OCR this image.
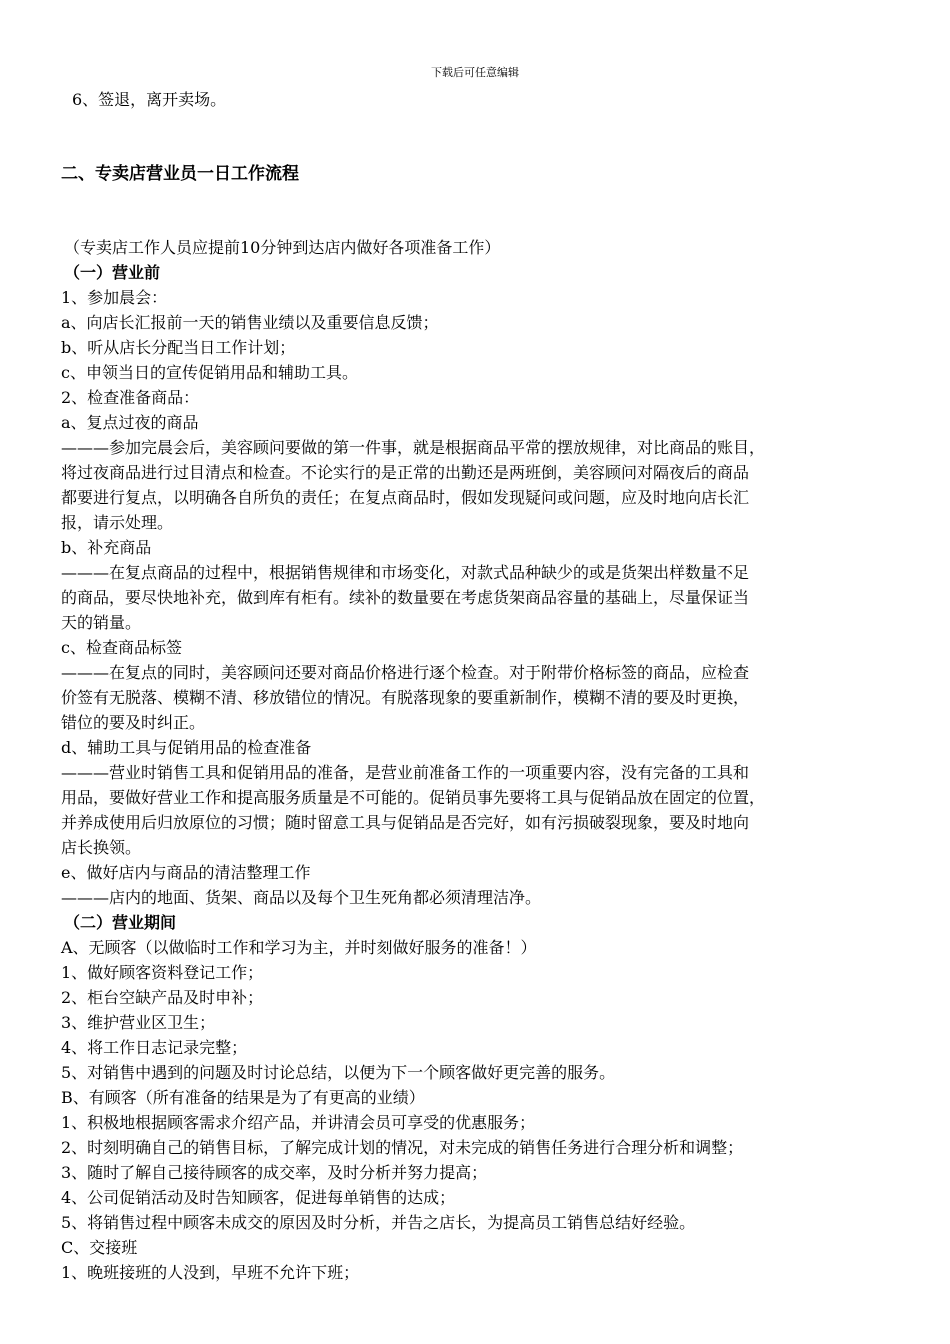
下载后可任意编辑
6、签退，离开卖场。
二、专卖店营业员一日工作流程
（专卖店工作人员应提前10分钟到达店内做好各项准备工作）
（一）营业前
1、参加晨会：
a、向店长汇报前一天的销售业绩以及重要信息反馈；
b、听从店长分配当日工作计划；
c、申领当日的宣传促销用品和辅助工具。
2、检查准备商品：
a、复点过夜的商品
———参加完晨会后，美容顾问要做的第一件事，就是根据商品平常的摆放规律，对比商品的账目，
将过夜商品进行过目清点和检查。不论实行的是正常的出勤还是两班倒，美容顾问对隔夜后的商品
都要进行复点，以明确各自所负的责任；在复点商品时，假如发现疑问或问题，应及时地向店长汇
报，请示处理。
b、补充商品
———在复点商品的过程中，根据销售规律和市场变化，对款式品种缺少的或是货架出样数量不足
的商品，要尽快地补充，做到库有柜有。续补的数量要在考虑货架商品容量的基础上，尽量保证当
天的销量。
c、检查商品标签
———在复点的同时，美容顾问还要对商品价格进行逐个检查。对于附带价格标签的商品，应检查
价签有无脱落、模糊不清、移放错位的情况。有脱落现象的要重新制作，模糊不清的要及时更换，
错位的要及时纠正。
d、辅助工具与促销用品的检查准备
———营业时销售工具和促销用品的准备，是营业前准备工作的一项重要内容，没有完备的工具和
用品，要做好营业工作和提高服务质量是不可能的。促销员事先要将工具与促销品放在固定的位置，
并养成使用后归放原位的习惯；随时留意工具与促销品是否完好，如有污损破裂现象，要及时地向
店长换领。
e、做好店内与商品的清洁整理工作
———店内的地面、货架、商品以及每个卫生死角都必须清理洁净。
（二）营业期间
A、无顾客（以做临时工作和学习为主，并时刻做好服务的准备！）
1、做好顾客资料登记工作；
2、柜台空缺产品及时申补；
3、维护营业区卫生；
4、将工作日志记录完整；
5、对销售中遇到的问题及时讨论总结，以便为下一个顾客做好更完善的服务。
B、有顾客（所有准备的结果是为了有更高的业绩）
1、积极地根据顾客需求介绍产品，并讲清会员可享受的优惠服务；
2、时刻明确自己的销售目标，了解完成计划的情况，对未完成的销售任务进行合理分析和调整；
3、随时了解自己接待顾客的成交率，及时分析并努力提高；
4、公司促销活动及时告知顾客，促进每单销售的达成；
5、将销售过程中顾客未成交的原因及时分析，并告之店长，为提高员工销售总结好经验。
C、交接班
1、晚班接班的人没到，早班不允许下班；
